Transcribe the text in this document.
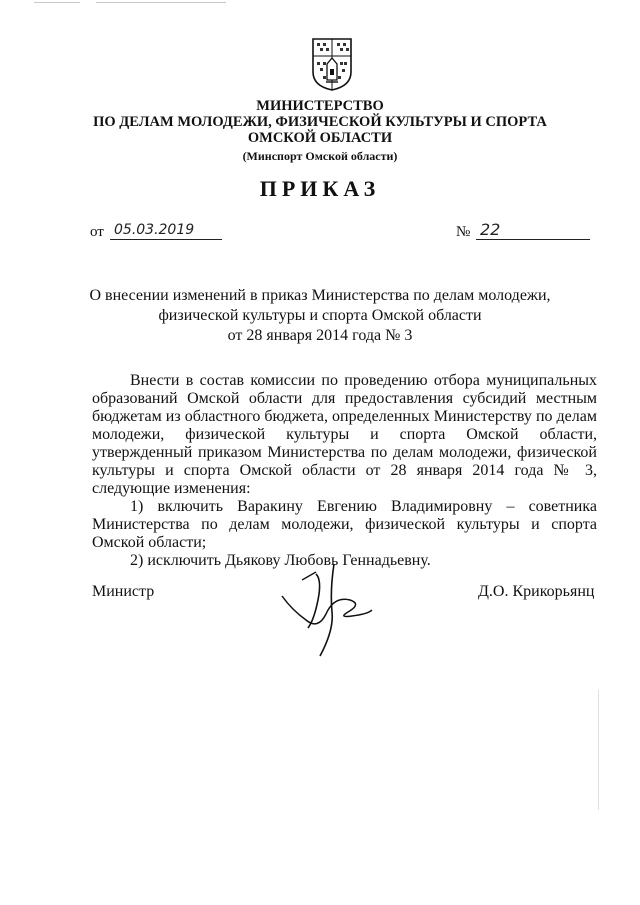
МИНИСТЕРСТВО
ПО ДЕЛАМ МОЛОДЕЖИ, ФИЗИЧЕСКОЙ КУЛЬТУРЫ И СПОРТА
ОМСКОЙ ОБЛАСТИ
(Минспорт Омской области)
ПРИКАЗ
от 05.03.2019	№ 22
О внесении изменений в приказ Министерства по делам молодежи,
физической культуры и спорта Омской области
от 28 января 2014 года № 3

Внести в состав комиссии по проведению отбора муниципальных образований Омской области для предоставления субсидий местным бюджетам из областного бюджета, определенных Министерству по делам молодежи, физической культуры и спорта Омской области, утвержденный приказом Министерства по делам молодежи, физической культуры и спорта Омской области от 28 января 2014 года № 3, следующие изменения:

1) включить Варакину Евгению Владимировну – советника

Министерства по делам молодежи, физической культуры и спорта Омской области;

2) исключить Дьякову Любовь Геннадьевну.

Министр	Д.О. Крикорьянц
